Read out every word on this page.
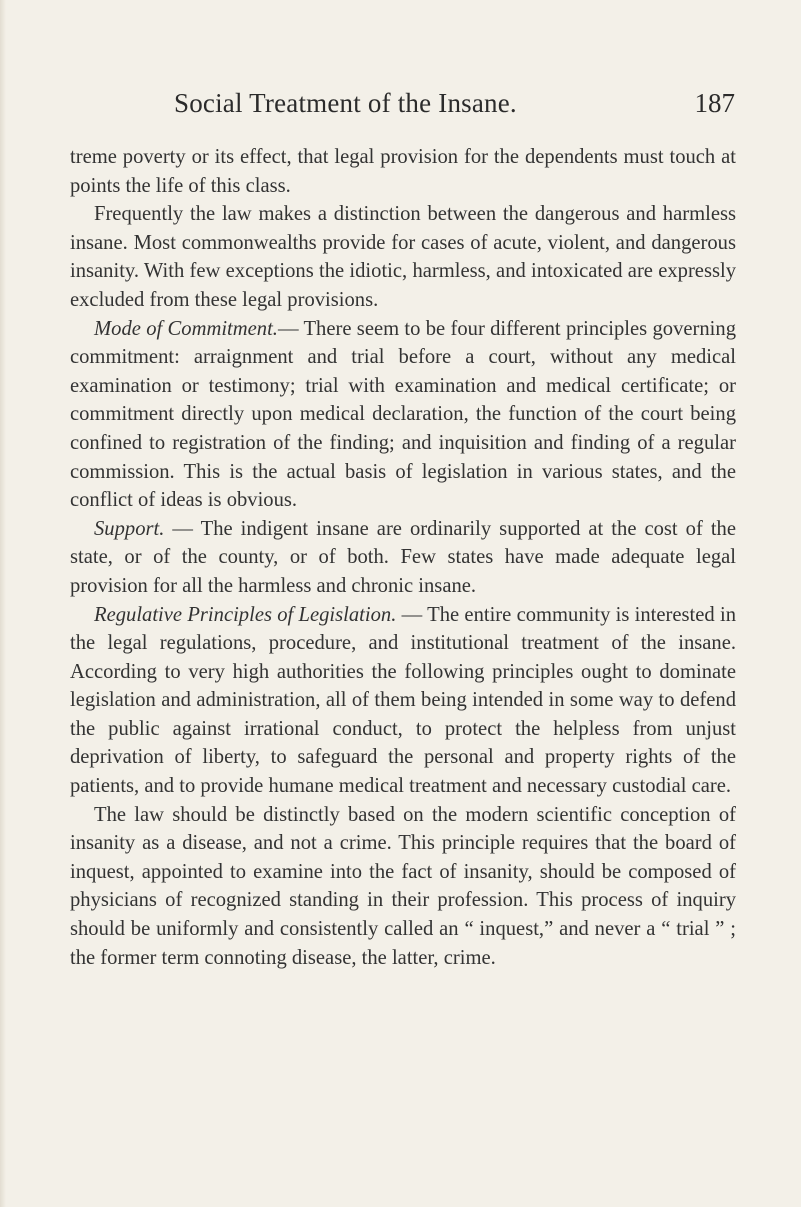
Social Treatment of the Insane.	187

treme poverty or its effect, that legal provision for the dependents must touch at points the life of this class.

Frequently the law makes a distinction between the dangerous and harmless insane. Most commonwealths provide for cases of acute, violent, and dangerous insanity. With few exceptions the idiotic, harmless, and intoxicated are expressly excluded from these legal provisions.

Mode of Commitment.— There seem to be four different principles governing commitment: arraignment and trial before a court, without any medical examination or testimony; trial with examination and medical certificate; or commitment directly upon medical declaration, the function of the court being confined to registration of the finding; and inquisition and finding of a regular commission. This is the actual basis of legislation in various states, and the conflict of ideas is obvious.

Support. — The indigent insane are ordinarily supported at the cost of the state, or of the county, or of both. Few states have made adequate legal provision for all the harmless and chronic insane.

Regulative Principles of Legislation. — The entire community is interested in the legal regulations, procedure, and institutional treatment of the insane. According to very high authorities the following principles ought to dominate legislation and administration, all of them being intended in some way to defend the public against irrational conduct, to protect the helpless from unjust deprivation of liberty, to safeguard the personal and property rights of the patients, and to provide humane medical treatment and necessary custodial care.

The law should be distinctly based on the modern scientific conception of insanity as a disease, and not a crime. This principle requires that the board of inquest, appointed to examine into the fact of insanity, should be composed of physicians of recognized standing in their profession. This process of inquiry should be uniformly and consistently called an “ inquest,” and never a “ trial ” ; the former term connoting disease, the latter, crime.
